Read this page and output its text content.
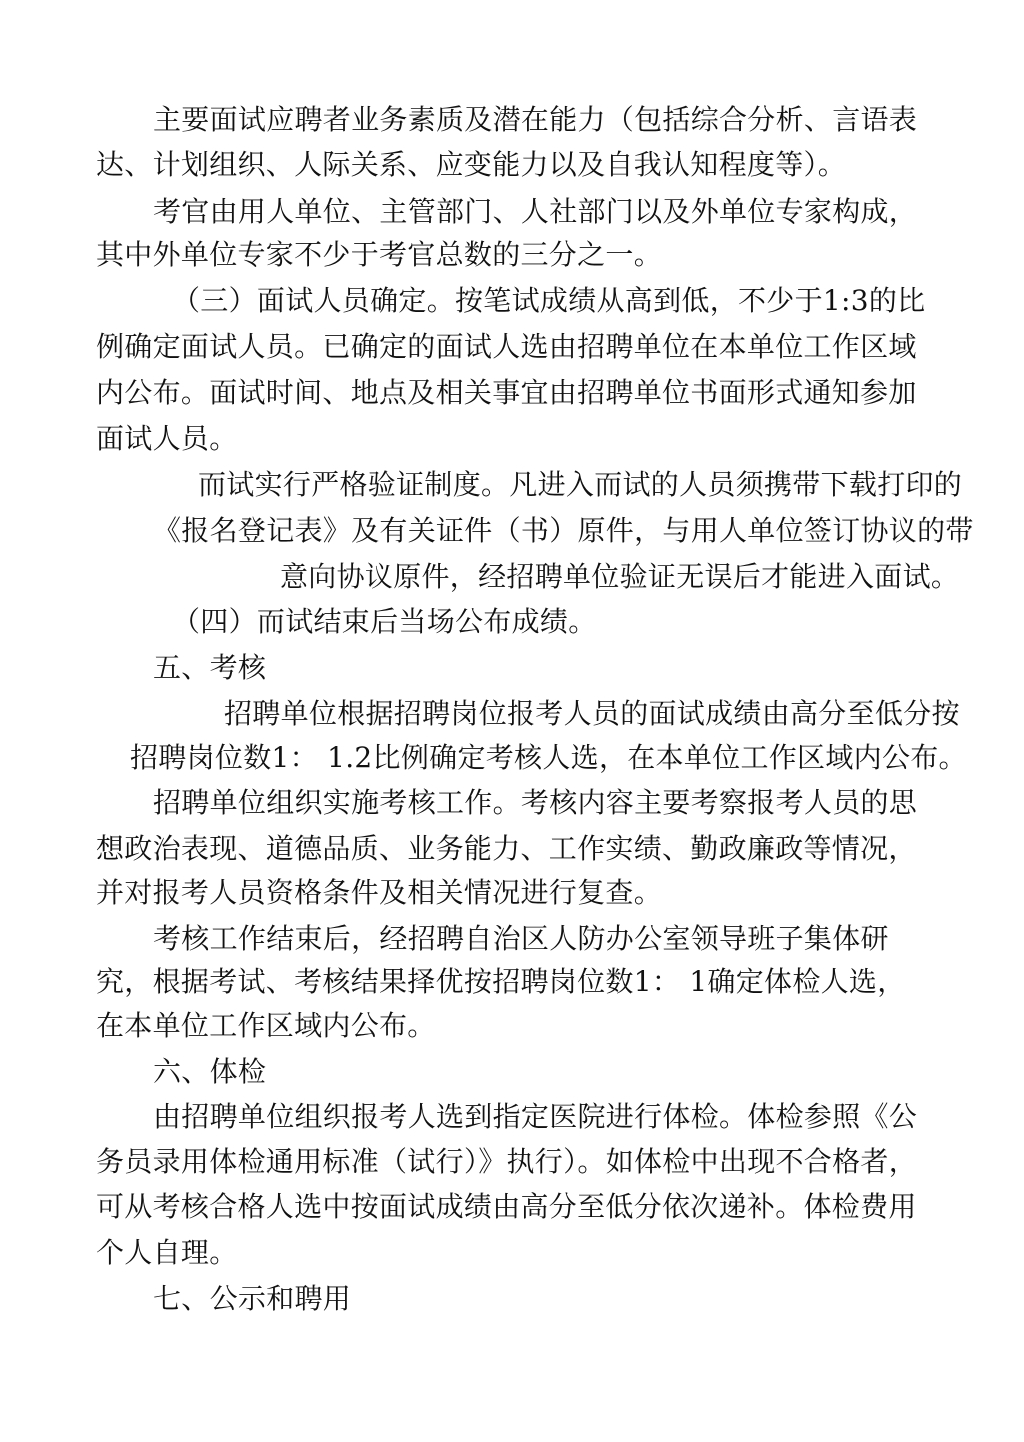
主要面试应聘者业务素质及潜在能力（包括综合分析、言语表

达、计划组织、人际关系、应变能力以及自我认知程度等）。

考官由用人单位、主管部门、人社部门以及外单位专家构成，

其中外单位专家不少于考官总数的三分之一。

（三）面试人员确定。按笔试成绩从高到低，不少于1:3的比

例确定面试人员。已确定的面试人选由招聘单位在本单位工作区域

内公布。面试时间、地点及相关事宜由招聘单位书面形式通知参加

面试人员。

而试实行严格验证制度。凡进入而试的人员须携带下载打印的

《报名登记表》及有关证件（书）原件，与用人单位签订协议的带

意向协议原件，经招聘单位验证无误后才能进入面试。

（四）而试结束后当场公布成绩。

五、考核

招聘单位根据招聘岗位报考人员的面试成绩由高分至低分按

招聘岗位数1： 1.2比例确定考核人选，在本单位工作区域内公布。

招聘单位组织实施考核工作。考核内容主要考察报考人员的思

想政治表现、道德品质、业务能力、工作实绩、勤政廉政等情况，

并对报考人员资格条件及相关情况进行复查。

考核工作结束后，经招聘自治区人防办公室领导班子集体研

究，根据考试、考核结果择优按招聘岗位数1： 1确定体检人选，

在本单位工作区域内公布。

六、体检

由招聘单位组织报考人选到指定医院进行体检。体检参照《公

务员录用体检通用标准（试行）》执行）。如体检中出现不合格者，

可从考核合格人选中按面试成绩由高分至低分依次递补。体检费用

个人自理。

七、公示和聘用
